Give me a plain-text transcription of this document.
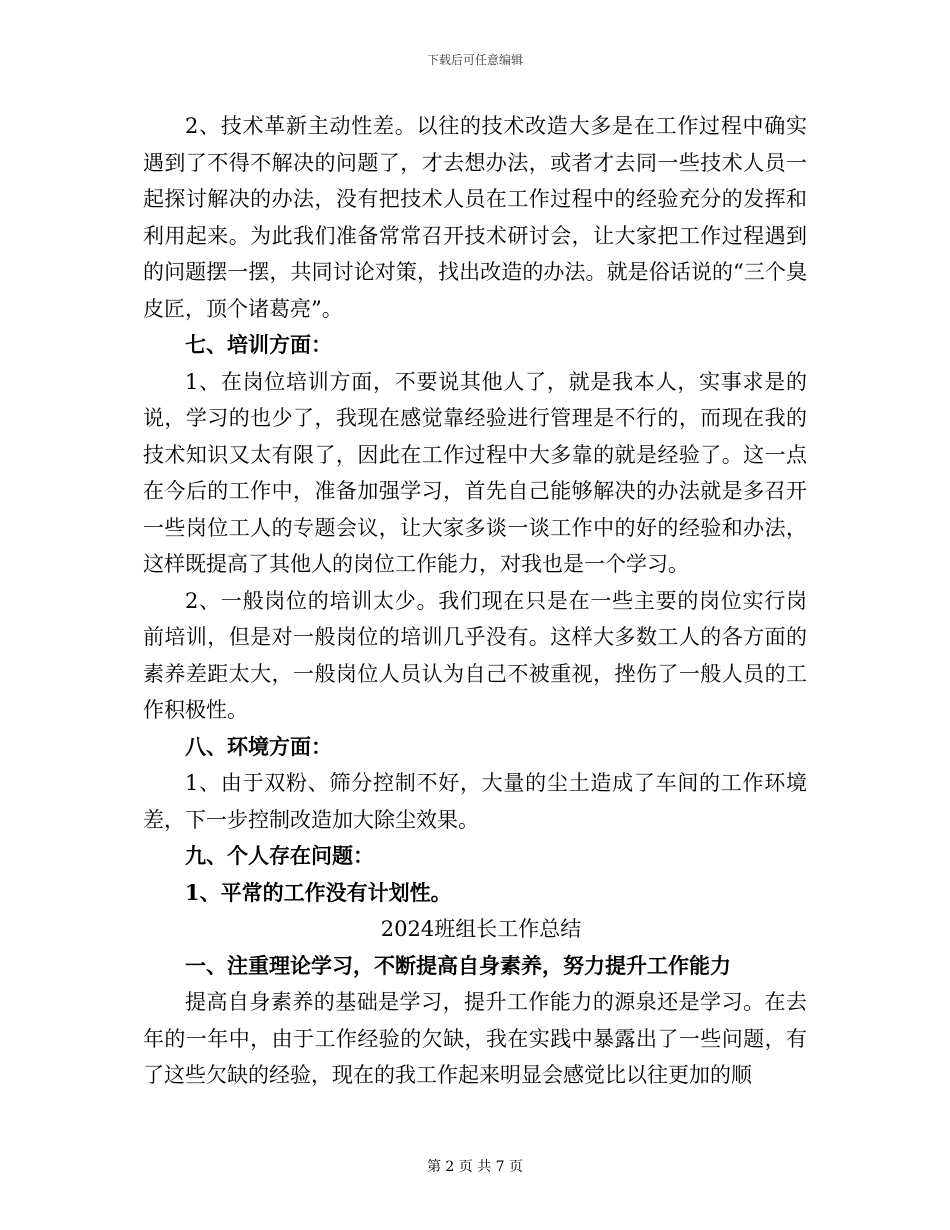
下载后可任意编辑

2、技术革新主动性差。以往的技术改造大多是在工作过程中确实遇到了不得不解决的问题了，才去想办法，或者才去同一些技术人员一起探讨解决的办法，没有把技术人员在工作过程中的经验充分的发挥和利用起来。为此我们准备常常召开技术研讨会，让大家把工作过程遇到的问题摆一摆，共同讨论对策，找出改造的办法。就是俗话说的“三个臭皮匠，顶个诸葛亮”。

七、培训方面：

1、在岗位培训方面，不要说其他人了，就是我本人，实事求是的说，学习的也少了，我现在感觉靠经验进行管理是不行的，而现在我的技术知识又太有限了，因此在工作过程中大多靠的就是经验了。这一点在今后的工作中，准备加强学习，首先自己能够解决的办法就是多召开一些岗位工人的专题会议，让大家多谈一谈工作中的好的经验和办法，这样既提高了其他人的岗位工作能力，对我也是一个学习。

2、一般岗位的培训太少。我们现在只是在一些主要的岗位实行岗前培训，但是对一般岗位的培训几乎没有。这样大多数工人的各方面的素养差距太大，一般岗位人员认为自己不被重视，挫伤了一般人员的工作积极性。

八、环境方面：

1、由于双粉、筛分控制不好，大量的尘土造成了车间的工作环境差，下一步控制改造加大除尘效果。

九、个人存在问题：

1、平常的工作没有计划性。

2024班组长工作总结

一、注重理论学习，不断提高自身素养，努力提升工作能力

提高自身素养的基础是学习，提升工作能力的源泉还是学习。在去年的一年中，由于工作经验的欠缺，我在实践中暴露出了一些问题，有了这些欠缺的经验，现在的我工作起来明显会感觉比以往更加的顺

第 2 页 共 7 页
